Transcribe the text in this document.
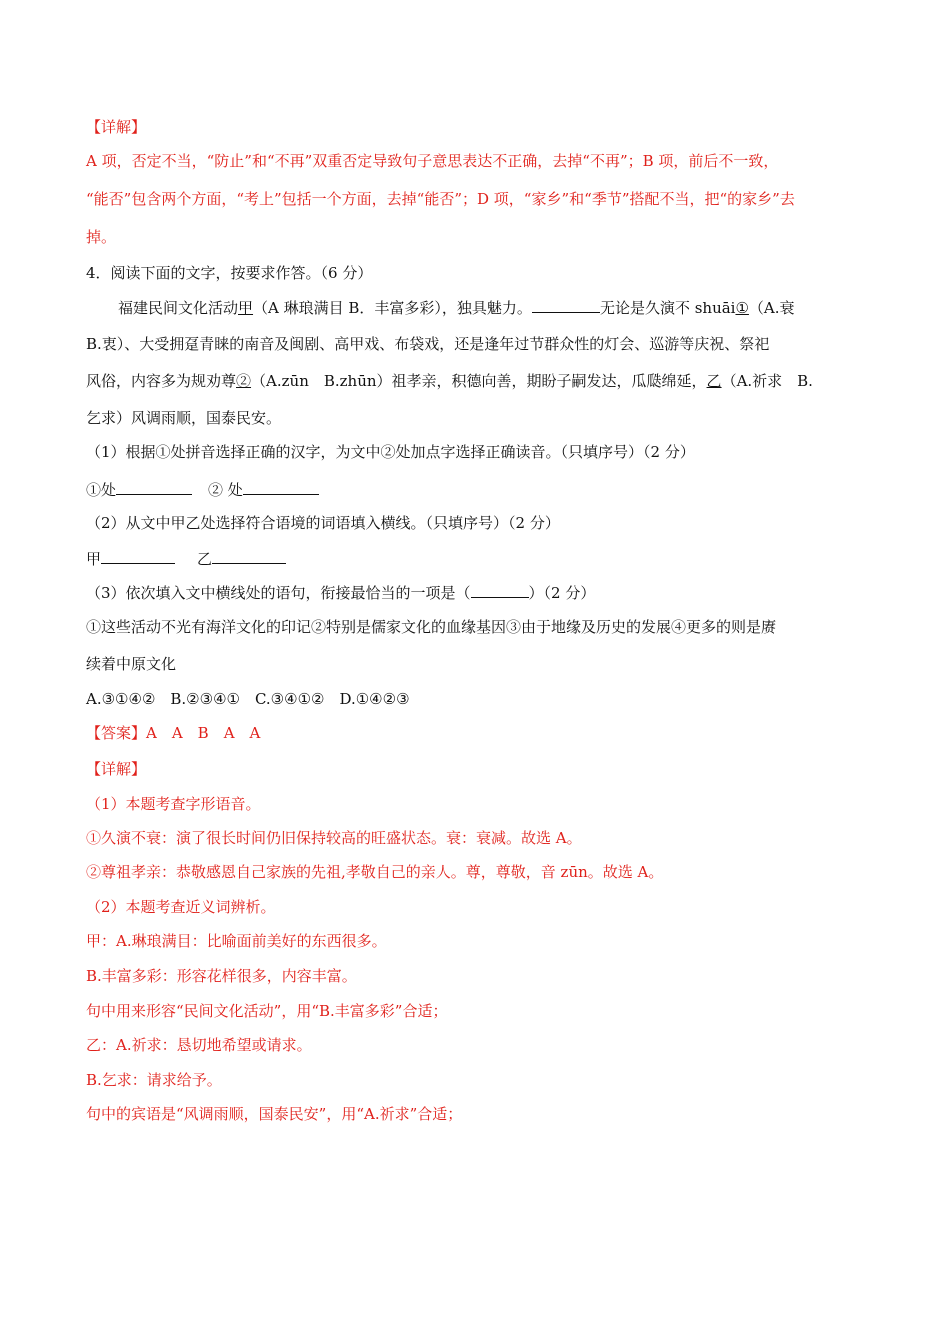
【详解】
A 项，否定不当，“防止”和“不再”双重否定导致句子意思表达不正确，去掉“不再”；B 项，前后不一致，
“能否”包含两个方面，“考上”包括一个方面，去掉“能否”；D 项，“家乡”和“季节”搭配不当，把“的家乡”去
掉。
4．阅读下面的文字，按要求作答。（6 分）
福建民间文化活动甲（A 琳琅满目 B．丰富多彩），独具魅力。	无论是久演不 shuāi①（A.衰
B.衷）、大受拥趸青睐的南音及闽剧、高甲戏、布袋戏，还是逢年过节群众性的灯会、巡游等庆祝、祭祀
风俗，内容多为规劝尊②（A.zūn　B.zhūn）祖孝亲，积德向善，期盼子嗣发达，瓜瓞绵延，乙（A.祈求　B.
乞求）风调雨顺，国泰民安。
（1）根据①处拼音选择正确的汉字，为文中②处加点字选择正确读音。（只填序号）（2 分）
①处	② 处
（2）从文中甲乙处选择符合语境的词语填入横线。（只填序号）（2 分）
甲	乙
（3）依次填入文中横线处的语句，衔接最恰当的一项是（	）（2 分）
①这些活动不光有海洋文化的印记②特别是儒家文化的血缘基因③由于地缘及历史的发展④更多的则是赓
续着中原文化
A.③①④②　B.②③④①　C.③④①②　D.①④②③
【答案】A　A　B　A　A
【详解】
（1）本题考查字形语音。
①久演不衰：演了很长时间仍旧保持较高的旺盛状态。衰：衰减。故选 A。
②尊祖孝亲：恭敬感恩自己家族的先祖,孝敬自己的亲人。尊，尊敬，音 zūn。故选 A。
（2）本题考查近义词辨析。
甲：A.琳琅满目：比喻面前美好的东西很多。
B.丰富多彩：形容花样很多，内容丰富。
句中用来形容“民间文化活动”，用“B.丰富多彩”合适；
乙：A.祈求：恳切地希望或请求。
B.乞求：请求给予。
句中的宾语是“风调雨顺，国泰民安”，用“A.祈求”合适；
